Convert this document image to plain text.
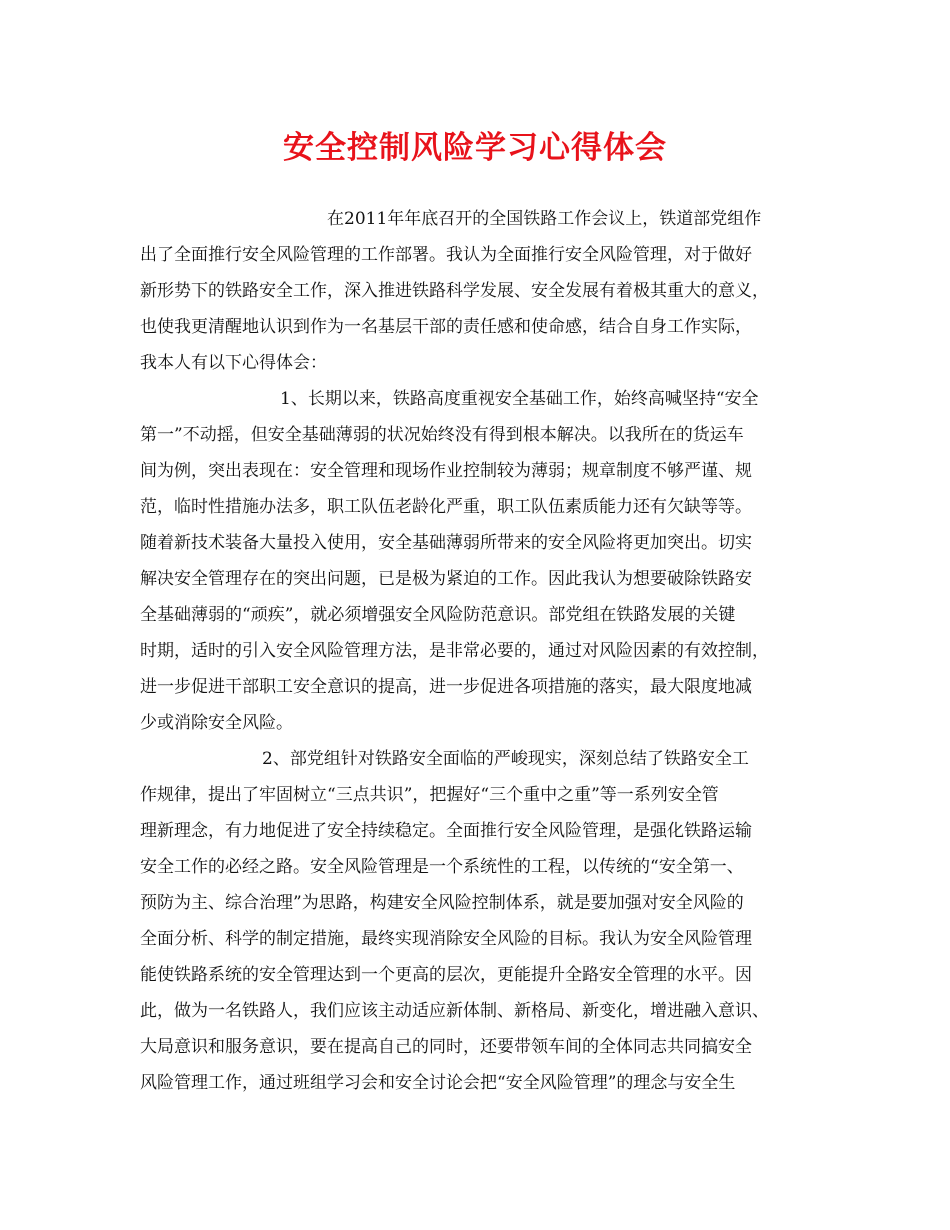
安全控制风险学习心得体会

在2011年年底召开的全国铁路工作会议上，铁道部党组作

出了全面推行安全风险管理的工作部署。我认为全面推行安全风险管理，对于做好

新形势下的铁路安全工作，深入推进铁路科学发展、安全发展有着极其重大的意义，

也使我更清醒地认识到作为一名基层干部的责任感和使命感，结合自身工作实际，

我本人有以下心得体会：

1、长期以来，铁路高度重视安全基础工作，始终高喊坚持“安全

第一”不动摇，但安全基础薄弱的状况始终没有得到根本解决。以我所在的货运车

间为例，突出表现在：安全管理和现场作业控制较为薄弱；规章制度不够严谨、规

范，临时性措施办法多，职工队伍老龄化严重，职工队伍素质能力还有欠缺等等。

随着新技术装备大量投入使用，安全基础薄弱所带来的安全风险将更加突出。切实

解决安全管理存在的突出问题，已是极为紧迫的工作。因此我认为想要破除铁路安

全基础薄弱的“顽疾”，就必须增强安全风险防范意识。部党组在铁路发展的关键

时期，适时的引入安全风险管理方法，是非常必要的，通过对风险因素的有效控制，

进一步促进干部职工安全意识的提高，进一步促进各项措施的落实，最大限度地减

少或消除安全风险。

2、部党组针对铁路安全面临的严峻现实，深刻总结了铁路安全工

作规律，提出了牢固树立“三点共识”，把握好“三个重中之重”等一系列安全管

理新理念，有力地促进了安全持续稳定。全面推行安全风险管理，是强化铁路运输

安全工作的必经之路。安全风险管理是一个系统性的工程，以传统的“安全第一、

预防为主、综合治理”为思路，构建安全风险控制体系，就是要加强对安全风险的

全面分析、科学的制定措施，最终实现消除安全风险的目标。我认为安全风险管理

能使铁路系统的安全管理达到一个更高的层次，更能提升全路安全管理的水平。因

此，做为一名铁路人，我们应该主动适应新体制、新格局、新变化，增进融入意识、

大局意识和服务意识，要在提高自己的同时，还要带领车间的全体同志共同搞安全

风险管理工作，通过班组学习会和安全讨论会把“安全风险管理”的理念与安全生
